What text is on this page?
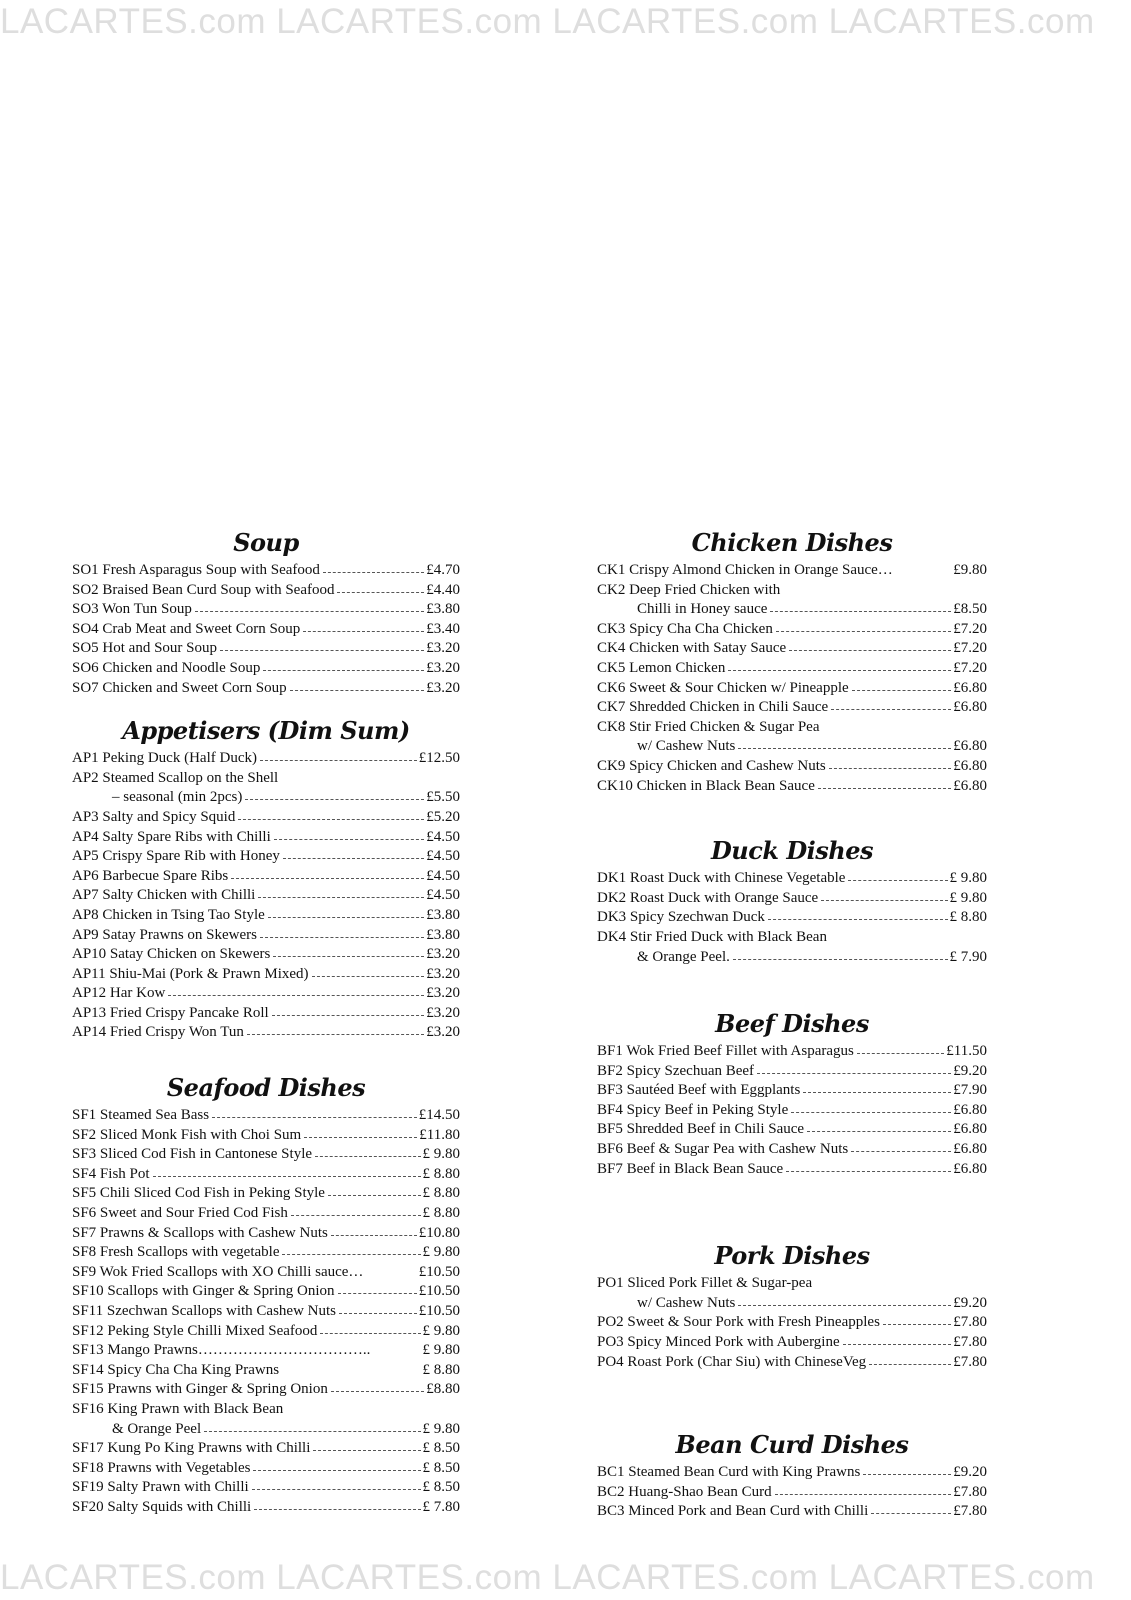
LACARTES.com LACARTES.com LACARTES.com LACARTES.com
Soup
SO1 Fresh Asparagus Soup with Seafood	£4.70
SO2 Braised Bean Curd Soup with Seafood	£4.40
SO3 Won Tun Soup	£3.80
SO4 Crab Meat and Sweet Corn Soup	£3.40
SO5 Hot and Sour Soup	£3.20
SO6 Chicken and Noodle Soup	£3.20
SO7 Chicken and Sweet Corn Soup	£3.20
Appetisers (Dim Sum)
AP1 Peking Duck (Half Duck)	£12.50
AP2 Steamed Scallop on the Shell
– seasonal (min 2pcs)	£5.50
AP3 Salty and Spicy Squid	£5.20
AP4 Salty Spare Ribs with Chilli	£4.50
AP5 Crispy Spare Rib with Honey	£4.50
AP6 Barbecue Spare Ribs	£4.50
AP7 Salty Chicken with Chilli	£4.50
AP8 Chicken in Tsing Tao Style	£3.80
AP9 Satay Prawns on Skewers	£3.80
AP10 Satay Chicken on Skewers	£3.20
AP11 Shiu-Mai (Pork & Prawn Mixed)	£3.20
AP12 Har Kow	£3.20
AP13 Fried Crispy Pancake Roll	£3.20
AP14 Fried Crispy Won Tun	£3.20
Seafood Dishes
SF1 Steamed Sea Bass	£14.50
SF2 Sliced Monk Fish with Choi Sum	£11.80
SF3 Sliced Cod Fish in Cantonese Style	£ 9.80
SF4 Fish Pot	£ 8.80
SF5 Chili Sliced Cod Fish in Peking Style	£ 8.80
SF6 Sweet and Sour Fried Cod Fish	£ 8.80
SF7 Prawns & Scallops with Cashew Nuts	£10.80
SF8 Fresh Scallops with vegetable	£ 9.80
SF9 Wok Fried Scallops with XO Chilli sauce…	£10.50
SF10 Scallops with Ginger & Spring Onion	£10.50
SF11 Szechwan Scallops with Cashew Nuts	£10.50
SF12 Peking Style Chilli Mixed Seafood	£ 9.80
SF13 Mango Prawns……………………………..	£ 9.80
SF14 Spicy Cha Cha King Prawns	£ 8.80
SF15 Prawns with Ginger & Spring Onion	£8.80
SF16 King Prawn with Black Bean
& Orange Peel	£ 9.80
SF17 Kung Po King Prawns with Chilli	£ 8.50
SF18 Prawns with Vegetables	£ 8.50
SF19 Salty Prawn with Chilli	£ 8.50
SF20 Salty Squids with Chilli	£ 7.80
Chicken Dishes
CK1 Crispy Almond Chicken in Orange Sauce…	£9.80
CK2 Deep Fried Chicken with
Chilli in Honey sauce	£8.50
CK3 Spicy Cha Cha Chicken	£7.20
CK4 Chicken with Satay Sauce	£7.20
CK5 Lemon Chicken	£7.20
CK6 Sweet & Sour Chicken w/ Pineapple	£6.80
CK7 Shredded Chicken in Chili Sauce	£6.80
CK8 Stir Fried Chicken & Sugar Pea
w/ Cashew Nuts	£6.80
CK9 Spicy Chicken and Cashew Nuts	£6.80
CK10 Chicken in Black Bean Sauce	£6.80
Duck Dishes
DK1 Roast Duck with Chinese Vegetable	£ 9.80
DK2 Roast Duck with Orange Sauce	£ 9.80
DK3 Spicy Szechwan Duck	£ 8.80
DK4 Stir Fried Duck with Black Bean
& Orange Peel.	£ 7.90
Beef Dishes
BF1 Wok Fried Beef Fillet with Asparagus	£11.50
BF2 Spicy Szechuan Beef	£9.20
BF3 Sautéed Beef with Eggplants	£7.90
BF4 Spicy Beef in Peking Style	£6.80
BF5 Shredded Beef in Chili Sauce	£6.80
BF6 Beef & Sugar Pea with Cashew Nuts	£6.80
BF7 Beef in Black Bean Sauce	£6.80
Pork Dishes
PO1 Sliced Pork Fillet & Sugar-pea
w/ Cashew Nuts	£9.20
PO2 Sweet & Sour Pork with Fresh Pineapples	£7.80
PO3 Spicy Minced Pork with Aubergine	£7.80
PO4 Roast Pork (Char Siu) with ChineseVeg	£7.80
Bean Curd Dishes
BC1 Steamed Bean Curd with King Prawns	£9.20
BC2 Huang-Shao Bean Curd	£7.80
BC3 Minced Pork and Bean Curd with Chilli	£7.80
LACARTES.com LACARTES.com LACARTES.com LACARTES.com
